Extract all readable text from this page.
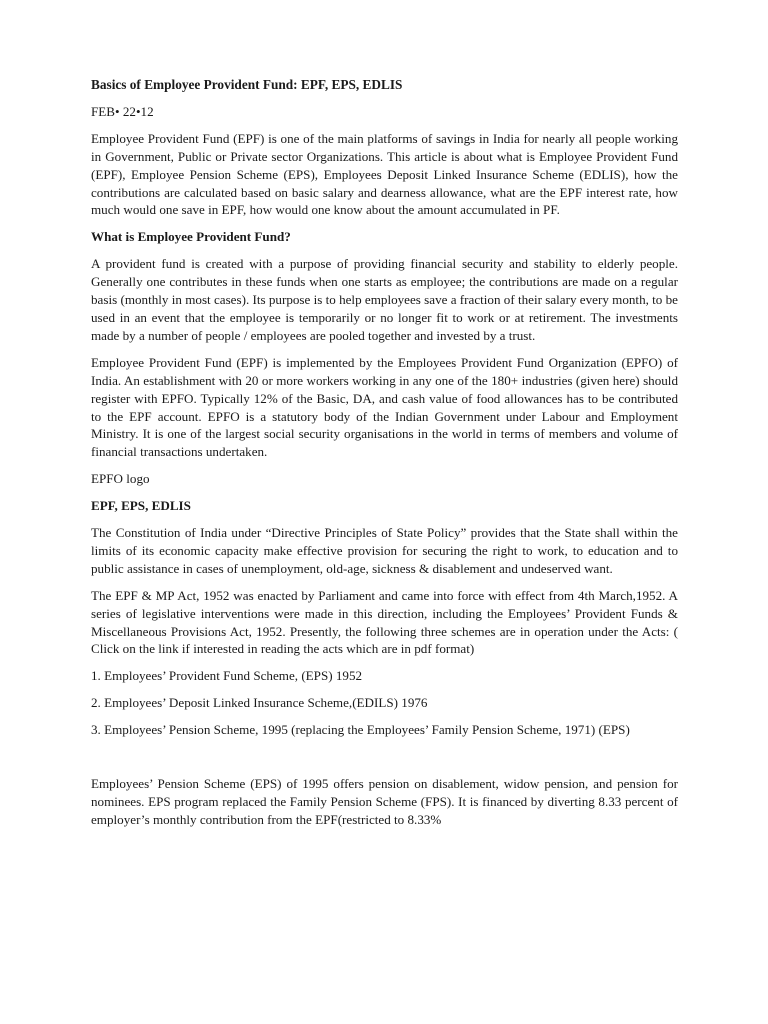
Basics of Employee Provident Fund: EPF, EPS, EDLIS

FEB• 22•12

Employee Provident Fund (EPF) is one of the main platforms of savings in India for nearly all people working in Government, Public or Private sector Organizations. This article is about what is Employee Provident Fund (EPF), Employee Pension Scheme (EPS), Employees Deposit Linked Insurance Scheme (EDLIS), how the contributions are calculated based on basic salary and dearness allowance, what are the EPF interest rate, how much would one save in EPF, how would one know about the amount accumulated in PF.

What is Employee Provident Fund?

A provident fund is created with a purpose of providing financial security and stability to elderly people. Generally one contributes in these funds when one starts as employee; the contributions are made on a regular basis (monthly in most cases). Its purpose is to help employees save a fraction of their salary every month, to be used in an event that the employee is temporarily or no longer fit to work or at retirement. The investments made by a number of people / employees are pooled together and invested by a trust.

Employee Provident Fund (EPF) is implemented by the Employees Provident Fund Organization (EPFO) of India. An establishment with 20 or more workers working in any one of the 180+ industries (given here) should register with EPFO. Typically 12% of the Basic, DA, and cash value of food allowances has to be contributed to the EPF account. EPFO is a statutory body of the Indian Government under Labour and Employment Ministry. It is one of the largest social security organisations in the world in terms of members and volume of financial transactions undertaken.

EPFO logo

EPF, EPS, EDLIS

The Constitution of India under “Directive Principles of State Policy” provides that the State shall within the limits of its economic capacity make effective provision for securing the right to work, to education and to public assistance in cases of unemployment, old-age, sickness & disablement and undeserved want.

The EPF & MP Act, 1952 was enacted by Parliament and came into force with effect from 4th March,1952. A series of legislative interventions were made in this direction, including the Employees’ Provident Funds & Miscellaneous Provisions Act, 1952. Presently, the following three schemes are in operation under the Acts: ( Click on the link if interested in reading the acts which are in pdf format)

1. Employees’ Provident Fund Scheme, (EPS) 1952

2. Employees’ Deposit Linked Insurance Scheme,(EDILS) 1976

3. Employees’ Pension Scheme, 1995 (replacing the Employees’ Family Pension Scheme, 1971) (EPS)

Employees’ Pension Scheme (EPS) of 1995 offers pension on disablement, widow pension, and pension for nominees. EPS program replaced the Family Pension Scheme (FPS). It is financed by diverting 8.33 percent of employer’s monthly contribution from the EPF(restricted to 8.33%
